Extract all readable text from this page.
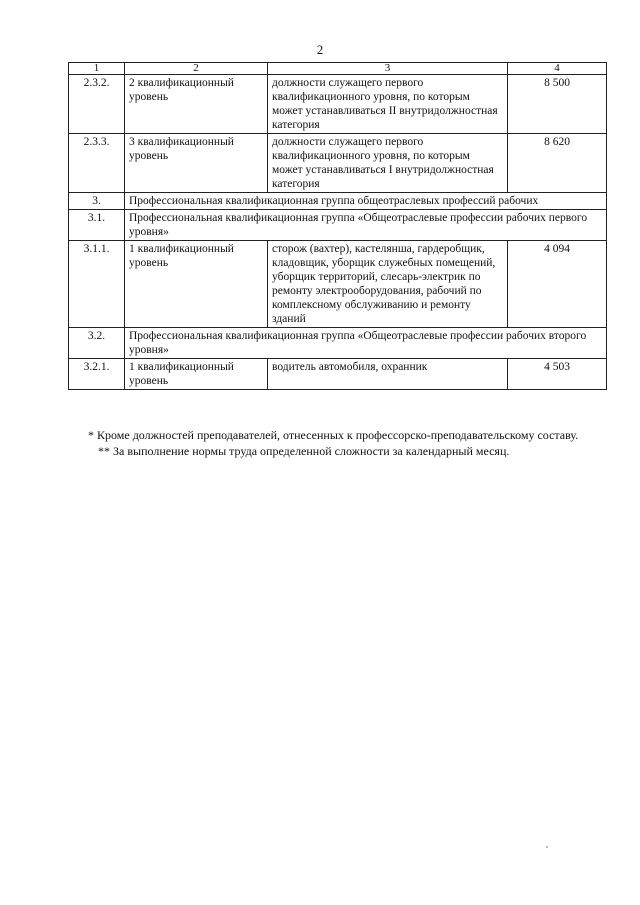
2
1	2	3	4
2.3.2.	2 квалификационный уровень	должности служащего первого квалификационного уровня, по которым может устанавливаться II внутридолжностная категория	8 500
2.3.3.	3 квалификационный уровень	должности служащего первого квалификационного уровня, по которым может устанавливаться I внутридолжностная категория	8 620
3.	Профессиональная квалификационная группа общеотраслевых профессий рабочих		
3.1.	Профессиональная квалификационная группа «Общеотраслевые профессии рабочих первого уровня»		
3.1.1.	1 квалификационный уровень	сторож (вахтер), кастелянша, гардеробщик, кладовщик, уборщик служебных помещений, уборщик территорий, слесарь-электрик по ремонту электрооборудования, рабочий по комплексному обслуживанию и ремонту зданий	4 094
3.2.	Профессиональная квалификационная группа «Общеотраслевые профессии рабочих второго уровня»		
3.2.1.	1 квалификационный уровень	водитель автомобиля, охранник	4 503
* Кроме должностей преподавателей, отнесенных к профессорско-преподавательскому составу.
** За выполнение нормы труда определенной сложности за календарный месяц.
